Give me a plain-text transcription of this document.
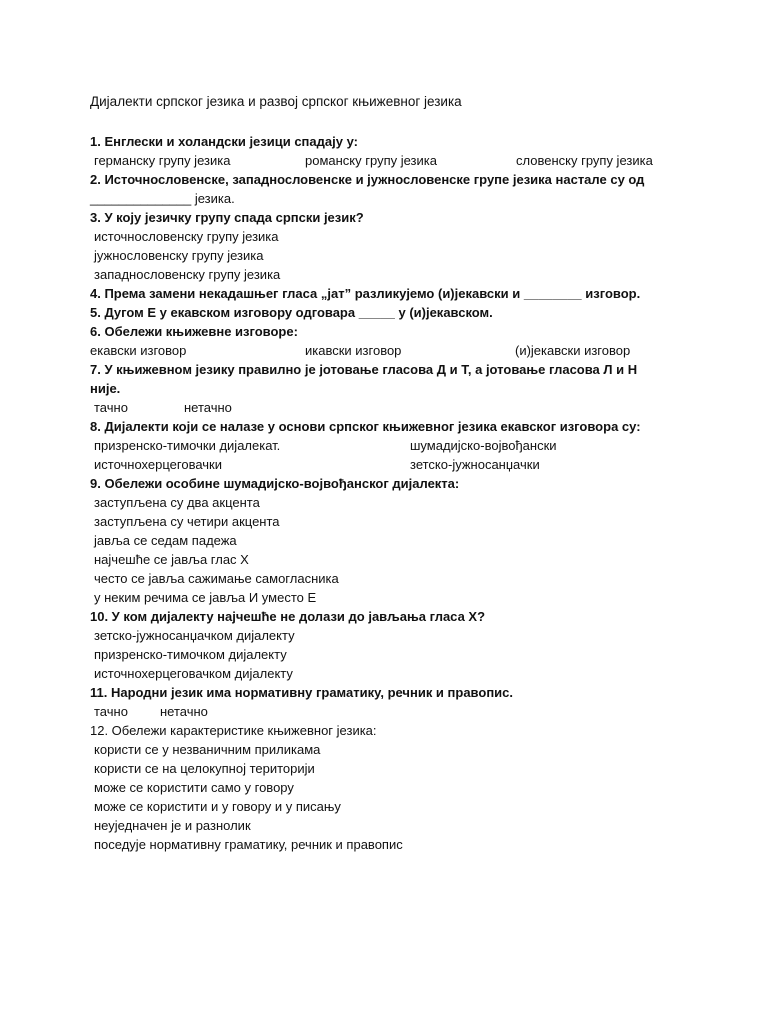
Дијалекти српског језика и развој српског књижевног језика
1. Енглески и холандски језици спадају у:
германску групу језика	романску групу језика	словенску групу језика
2. Источнословенске, западнословенске и јужнословенске групе језика настале су од
______________ језика.
3. У коју језичку групу спада српски језик?
источнословенску групу језика
јужнословенску групу језика
западнословенску групу језика
4. Према замени некадашњег гласа „јат” разликујемо (и)јекавски и ________ изговор.
5. Дугом Е у екавском изговору одговара _____ у (и)јекавском.
6. Обележи књижевне изговоре:
екавски изговор	икавски изговор	(и)јекавски изговор
7. У књижевном језику правилно је јотовање гласова Д и Т, а јотовање гласова Л и Н
није.
тачно	нетачно
8. Дијалекти који се налазе у основи српског књижевног језика екавског изговора су:
призренско-тимочки дијалекат.	шумадијско-војвођански
источнохерцеговачки	зетско-јужносанџачки
9. Обележи особине шумадијско-војвођанског дијалекта:
заступљена су два акцента
заступљена су четири акцента
јавља се седам падежа
најчешће се јавља глас Х
често се јавља сажимање самогласника
у неким речима се јавља И уместо Е
10. У ком дијалекту најчешће не долази до јављања гласа Х?
зетско-јужносанџачком дијалекту
призренско-тимочком дијалекту
источнохерцеговачком дијалекту
11. Народни језик има нормативну граматику, речник и правопис.
тачно нетачно
12. Обележи карактеристике књижевног језика:
користи се у незваничним приликама
користи се на целокупној територији
може се користити само у говору
може се користити и у говору и у писању
неуједначен је и разнолик
поседује нормативну граматику, речник и правопис
